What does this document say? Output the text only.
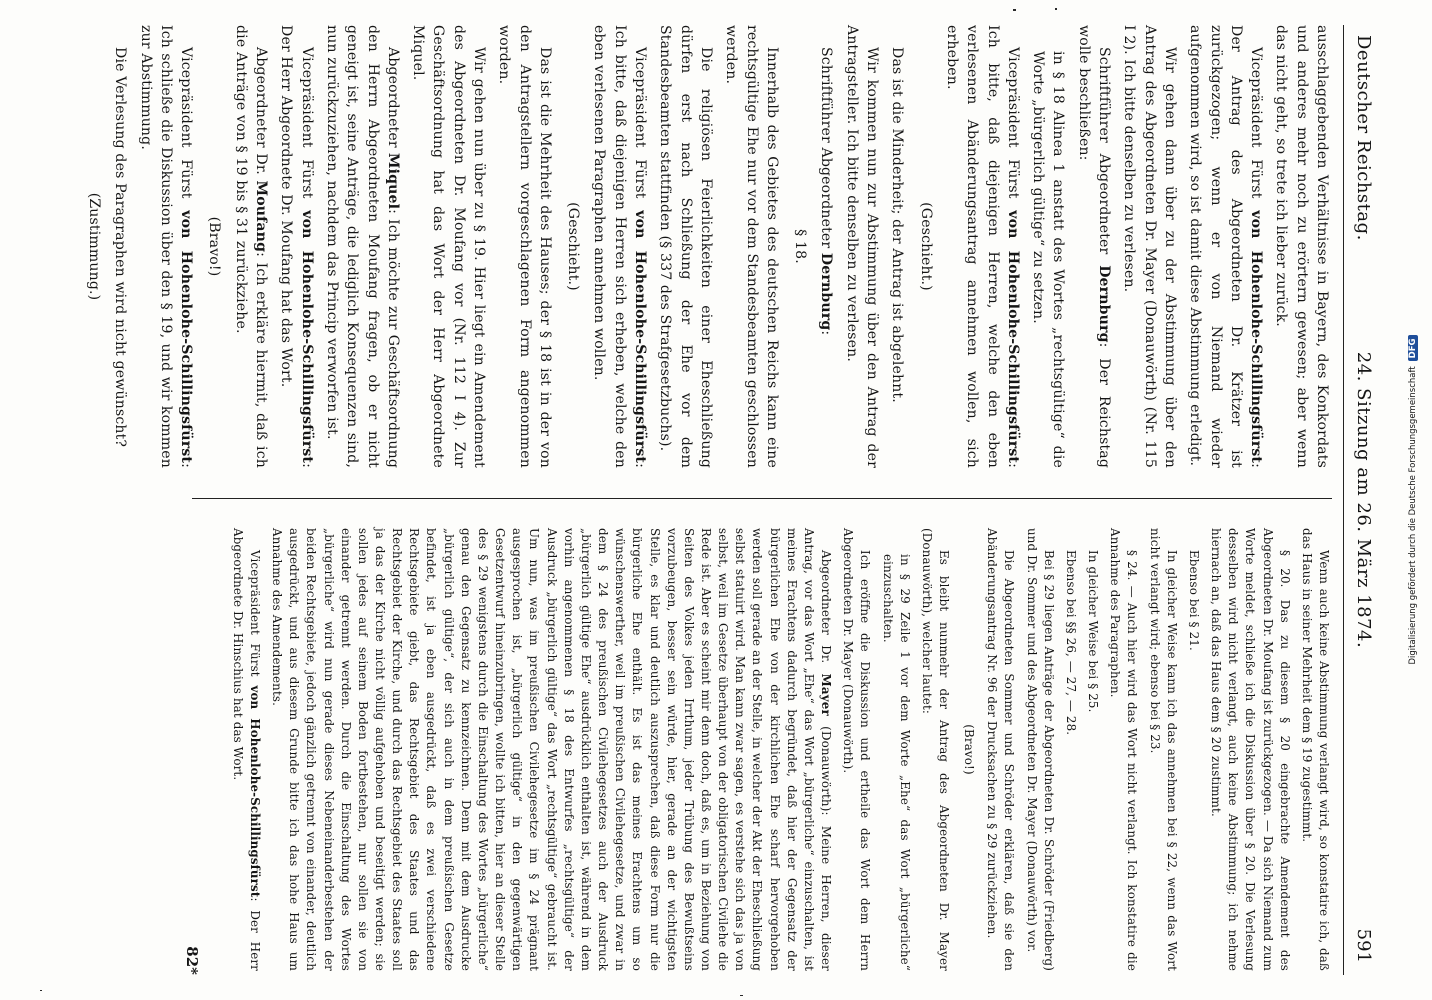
Deutscher Reichstag.
24. Sitzung am 26. März 1874.
591

ausschlaggebenden Verhältnisse in Bayern, des Konkordats und anderes mehr noch zu erörtern gewesen; aber wenn das nicht geht, so trete ich lieber zurück.

Vicepräsident Fürst von Hohenlohe-Schillingsfürst: Der Antrag des Abgeordneten Dr. Krätzer ist zurückgezogen; wenn er von Niemand wieder aufgenommen wird, so ist damit diese Abstimmung erledigt.

Wir gehen dann über zu der Abstimmung über den Antrag des Abgeordneten Dr. Mayer (Donauwörth) (Nr. 115 I 2). Ich bitte denselben zu verlesen.

Schriftführer Abgeordneter Dernburg: Der Reichstag wolle beschließen:

in § 18 Alinea 1 anstatt des Wortes „rechtsgültige“ die Worte „bürgerlich gültige“ zu setzen.

Vicepräsident Fürst von Hohenlohe-Schillingsfürst: Ich bitte, daß diejenigen Herren, welche den eben verlesenen Abänderungsantrag annehmen wollen, sich erheben.

(Geschieht.)

Das ist die Minderheit; der Antrag ist abgelehnt.

Wir kommen nun zur Abstimmung über den Antrag der Antragsteller. Ich bitte denselben zu verlesen.

Schriftführer Abgeordneter Dernburg:

§ 18.

Innerhalb des Gebietes des deutschen Reichs kann eine rechtsgültige Ehe nur vor dem Standesbeamten geschlossen werden.

Die religiösen Feierlichkeiten einer Eheschließung dürfen erst nach Schließung der Ehe vor dem Standesbeamten stattfinden (§ 337 des Strafgesetzbuchs).

Vicepräsident Fürst von Hohenlohe-Schillingsfürst: Ich bitte, daß diejenigen Herren sich erheben, welche den eben verlesenen Paragraphen annehmen wollen.

(Geschieht.)

Das ist die Mehrheit des Hauses; der § 18 ist in der von den Antragstellern vorgeschlagenen Form angenommen worden.

Wir gehen nun über zu § 19. Hier liegt ein Amendement des Abgeordneten Dr. Moufang vor (Nr. 112 I 4). Zur Geschäftsordnung hat das Wort der Herr Abgeordnete Miquel.

Abgeordneter Miquel: Ich möchte zur Geschäftsordnung den Herrn Abgeordneten Moufang fragen, ob er nicht geneigt ist, seine Anträge, die lediglich Konsequenzen sind, nun zurückzuziehen, nachdem das Princip verworfen ist.

Vicepräsident Fürst von Hohenlohe-Schillingsfürst: Der Herr Abgeordnete Dr. Moufang hat das Wort.

Abgeordneter Dr. Moufang: Ich erkläre hiermit, daß ich die Anträge von § 19 bis § 31 zurückziehe.

(Bravo!)

Vicepräsident Fürst von Hohenlohe-Schillingsfürst: Ich schließe die Diskussion über den § 19, und wir kommen zur Abstimmung.

Die Verlesung des Paragraphen wird nicht gewünscht?

(Zustimmung.)

Wenn auch keine Abstimmung verlangt wird, so konstatire ich, daß das Haus in seiner Mehrheit dem § 19 zugestimmt.

§ 20. Das zu diesem § 20 eingebrachte Amendement des Abgeordneten Dr. Moufang ist zurückgezogen. — Da sich Niemand zum Worte meldet, schließe ich die Diskussion über § 20. Die Verlesung desselben wird nicht verlangt, auch keine Abstimmung; ich nehme hiernach an, daß das Haus dem § 20 zustimmt.

Ebenso bei § 21.

In gleicher Weise kann ich das annehmen bei § 22, wenn das Wort nicht verlangt wird; ebenso bei § 23.

§ 24. — Auch hier wird das Wort nicht verlangt. Ich konstatire die Annahme des Paragraphen.

In gleicher Weise bei § 25.

Ebenso bei §§ 26, — 27, — 28.

Bei § 29 liegen Anträge der Abgeordneten Dr. Schröder (Friedberg) und Dr. Sommer und des Abgeordneten Dr. Mayer (Donauwörth) vor.

Die Abgeordneten Sommer und Schröder erklären, daß sie den Abänderungsantrag Nr. 96 der Drucksachen zu § 29 zurückziehen.

(Bravo!)

Es bleibt nunmehr der Antrag des Abgeordneten Dr. Mayer (Donauwörth), welcher lautet:

in § 29 Zeile 1 vor dem Worte „Ehe“ das Wort „bürgerliche“ einzuschalten.

Ich eröffne die Diskussion und ertheile das Wort dem Herrn Abgeordneten Dr. Mayer (Donauwörth).

Abgeordneter Dr. Mayer (Donauwörth): Meine Herren, dieser Antrag, vor das Wort „Ehe“ das Wort „bürgerliche“ einzuschalten, ist meines Erachtens dadurch begründet, daß hier der Gegensatz der bürgerlichen Ehe von der kirchlichen Ehe scharf hervorgehoben werden soll gerade an der Stelle, in welcher der Akt der Eheschließung selbst statuirt wird. Man kann zwar sagen, es verstehe sich das ja von selbst, weil im Gesetze überhaupt von der obligatorischen Civilehe die Rede ist. Aber es scheint mir denn doch, daß es, um in Beziehung von Seiten des Volkes jeden Irrthum, jeder Trübung des Bewußtseins vorzubeugen, besser sein würde, hier, gerade an der wichtigsten Stelle, es klar und deutlich auszusprechen, daß diese Form nur die bürgerliche Ehe enthält. Es ist das meines Erachtens um so wünschenswerther, weil im preußischen Civilehegesetze, und zwar in dem § 24 des preußischen Civilehegesetzes auch der Ausdruck „bürgerlich gültige Ehe“ ausdrücklich enthalten ist, während in dem vorhin angenommenen § 18 des Entwurfes „rechtsgültige“ der Ausdruck „bürgerlich gültige“ das Wort „rechtsgültige“ gebraucht ist. Um nun, was im preußischen Civilehegesetze im § 24 prägnant ausgesprochen ist, „bürgerlich gültige“ in den gegenwärtigen Gesetzentwurf hineinzubringen, wollte ich bitten, hier an dieser Stelle des § 29 wenigstens durch die Einschaltung des Wortes „bürgerliche“ genau den Gegensatz zu kennzeichnen. Denn mit dem Ausdrucke „bürgerlich gültige“, der sich auch in dem preußischen Gesetze befindet, ist ja eben ausgedrückt, daß es zwei verschiedene Rechtsgebiete giebt, das Rechtsgebiet des Staates und das Rechtsgebiet der Kirche, und durch das Rechtsgebiet des Staates soll ja das der Kirche nicht völlig aufgehoben und beseitigt werden; sie sollen jedes auf seinem Boden fortbestehen, nur sollen sie von einander getrennt werden. Durch die Einschaltung des Wortes „bürgerliche“ wird nun gerade dieses Nebeneinanderbestehen der beiden Rechtsgebiete, jedoch gänzlich getrennt von einander, deutlich ausgedrückt, und aus diesem Grunde bitte ich das hohe Haus um Annahme des Amendements.

Vicepräsident Fürst von Hohenlohe-Schillingsfürst: Der Herr Abgeordnete Dr. Hinschius hat das Wort.

82*
Digitalisierung gefördert durch die Deutsche ForschungsgemeinschaftDFG
